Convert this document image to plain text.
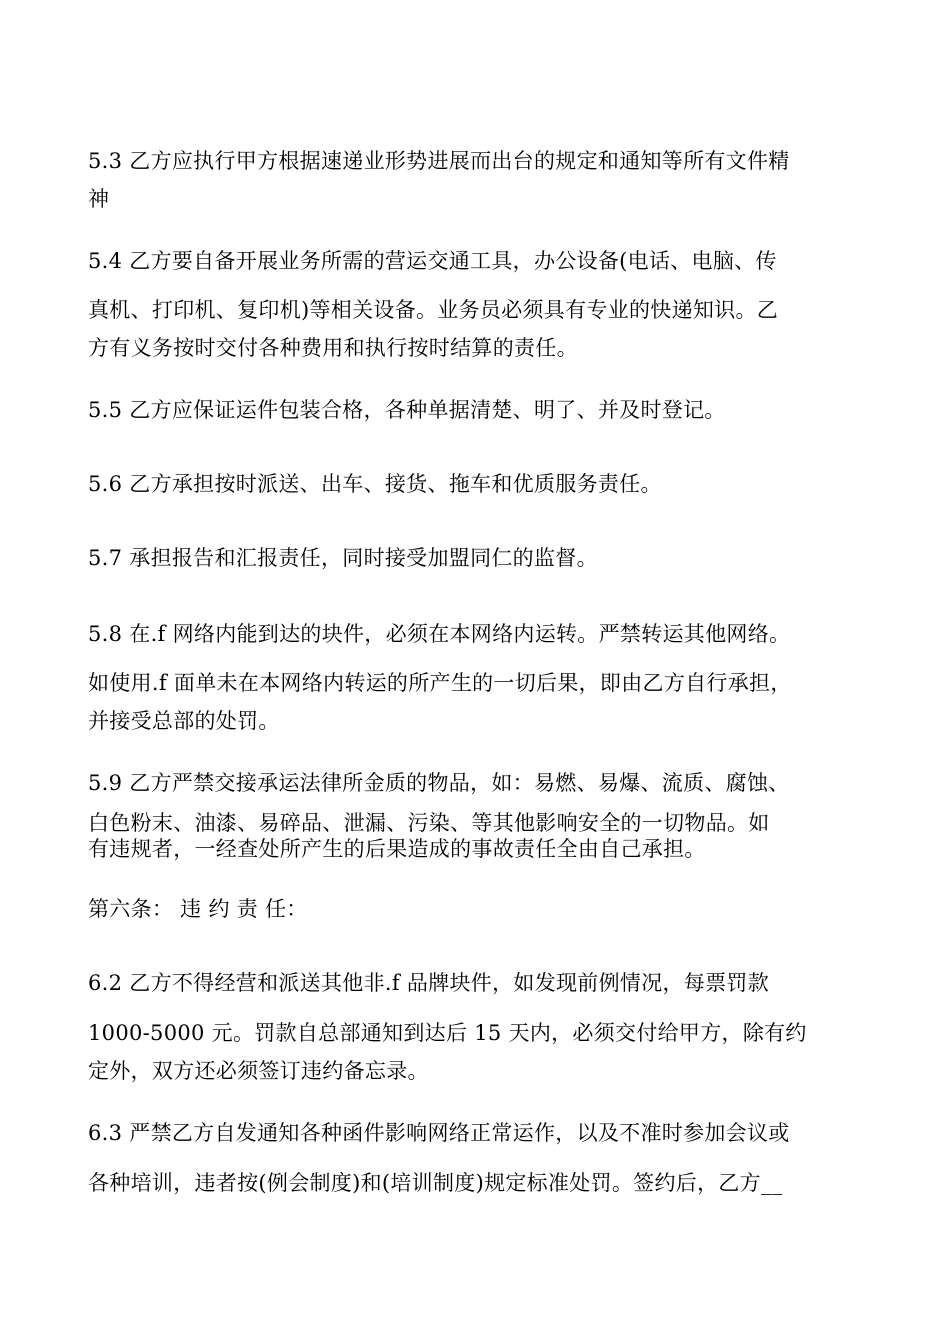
5.3 乙方应执行甲方根据速递业形势进展而出台的规定和通知等所有文件精
神
5.4 乙方要自备开展业务所需的营运交通工具，办公设备(电话、电脑、传
真机、打印机、复印机)等相关设备。业务员必须具有专业的快递知识。乙
方有义务按时交付各种费用和执行按时结算的责任。
5.5 乙方应保证运件包装合格，各种单据清楚、明了、并及时登记。
5.6 乙方承担按时派送、出车、接货、拖车和优质服务责任。
5.7 承担报告和汇报责任，同时接受加盟同仁的监督。
5.8 在.f 网络内能到达的块件，必须在本网络内运转。严禁转运其他网络。
如使用.f 面单未在本网络内转运的所产生的一切后果，即由乙方自行承担，
并接受总部的处罚。
5.9 乙方严禁交接承运法律所金质的物品，如：易燃、易爆、流质、腐蚀、
白色粉末、油漆、易碎品、泄漏、污染、等其他影响安全的一切物品。如
有违规者，一经查处所产生的后果造成的事故责任全由自己承担。
第六条： 违 约 责 任：
6.2 乙方不得经营和派送其他非.f 品牌块件，如发现前例情况，每票罚款
1000-5000 元。罚款自总部通知到达后 15 天内，必须交付给甲方，除有约
定外，双方还必须签订违约备忘录。
6.3 严禁乙方自发通知各种函件影响网络正常运作，以及不准时参加会议或
各种培训，违者按(例会制度)和(培训制度)规定标准处罚。签约后，乙方__
